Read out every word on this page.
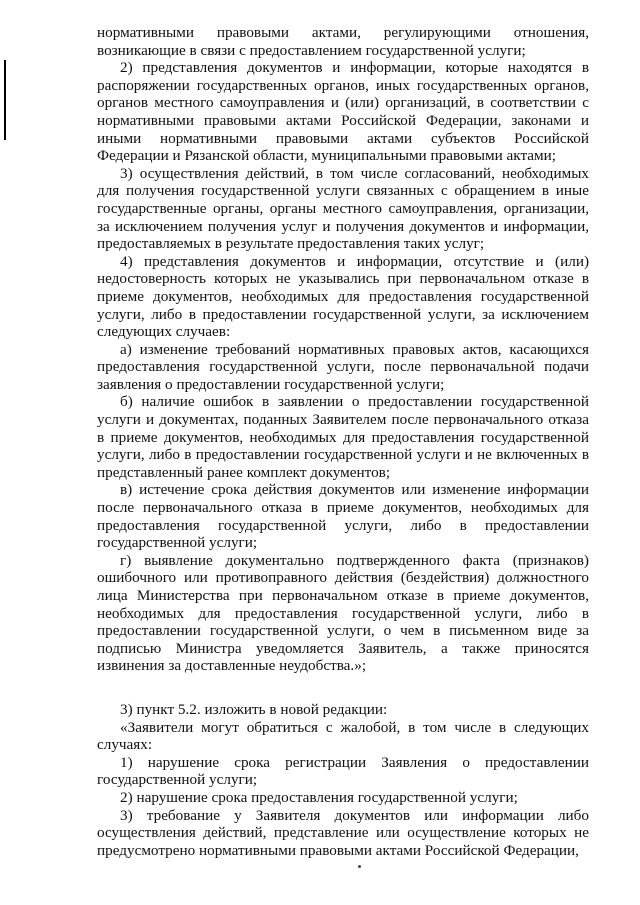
нормативными правовыми актами, регулирующими отношения, возникающие в связи с предоставлением государственной услуги;

2) представления документов и информации, которые находятся в распоряжении государственных органов, иных государственных органов, органов местного самоуправления и (или) организаций, в соответствии с нормативными правовыми актами Российской Федерации, законами и иными нормативными правовыми актами субъектов Российской Федерации и Рязанской области, муниципальными правовыми актами;

3) осуществления действий, в том числе согласований, необходимых для получения государственной услуги связанных с обращением в иные государственные органы, органы местного самоуправления, организации, за исключением получения услуг и получения документов и информации, предоставляемых в результате предоставления таких услуг;

4) представления документов и информации, отсутствие и (или) недостоверность которых не указывались при первоначальном отказе в приеме документов, необходимых для предоставления государственной услуги, либо в предоставлении государственной услуги, за исключением следующих случаев:

а) изменение требований нормативных правовых актов, касающихся предоставления государственной услуги, после первоначальной подачи заявления о предоставлении государственной услуги;

б) наличие ошибок в заявлении о предоставлении государственной услуги и документах, поданных Заявителем после первоначального отказа в приеме документов, необходимых для предоставления государственной услуги, либо в предоставлении государственной услуги и не включенных в представленный ранее комплект документов;

в) истечение срока действия документов или изменение информации после первоначального отказа в приеме документов, необходимых для предоставления государственной услуги, либо в предоставлении государственной услуги;

г) выявление документально подтвержденного факта (признаков) ошибочного или противоправного действия (бездействия) должностного лица Министерства при первоначальном отказе в приеме документов, необходимых для предоставления государственной услуги, либо в предоставлении государственной услуги, о чем в письменном виде за подписью Министра уведомляется Заявитель, а также приносятся извинения за доставленные неудобства.»;

3) пункт 5.2. изложить в новой редакции:

«Заявители могут обратиться с жалобой, в том числе в следующих случаях:

1) нарушение срока регистрации Заявления о предоставлении государственной услуги;

2) нарушение срока предоставления государственной услуги;

3) требование у Заявителя документов или информации либо осуществления действий, представление или осуществление которых не предусмотрено нормативными правовыми актами Российской Федерации,
